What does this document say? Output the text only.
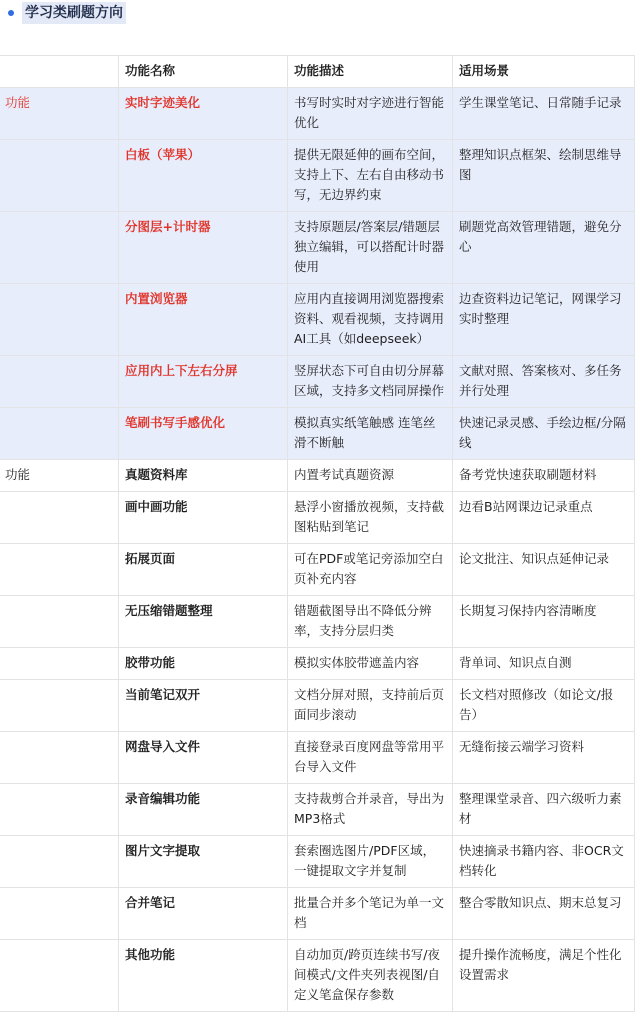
学习类刷题方向
	功能名称	功能描述	适用场景
功能	实时字迹美化	书写时实时对字迹进行智能优化	学生课堂笔记、日常随手记录
	白板（苹果）	提供无限延伸的画布空间，支持上下、左右自由移动书写，无边界约束	整理知识点框架、绘制思维导图
	分图层+计时器	支持原题层/答案层/错题层独立编辑，可以搭配计时器使用	刷题党高效管理错题，避免分心
	内置浏览器	应用内直接调用浏览器搜索资料、观看视频，支持调用AI工具（如deepseek）	边查资料边记笔记，网课学习实时整理
	应用内上下左右分屏	竖屏状态下可自由切分屏幕区域，支持多文档同屏操作	文献对照、答案核对、多任务并行处理
	笔刷书写手感优化	模拟真实纸笔触感 连笔丝滑不断触	快速记录灵感、手绘边框/分隔线
功能	真题资料库	内置考试真题资源	备考党快速获取刷题材料
	画中画功能	悬浮小窗播放视频，支持截图粘贴到笔记	边看B站网课边记录重点
	拓展页面	可在PDF或笔记旁添加空白页补充内容	论文批注、知识点延伸记录
	无压缩错题整理	错题截图导出不降低分辨率，支持分层归类	长期复习保持内容清晰度
	胶带功能	模拟实体胶带遮盖内容	背单词、知识点自测
	当前笔记双开	文档分屏对照，支持前后页面同步滚动	长文档对照修改（如论文/报告）
	网盘导入文件	直接登录百度网盘等常用平台导入文件	无缝衔接云端学习资料
	录音编辑功能	支持裁剪合并录音，导出为MP3格式	整理课堂录音、四六级听力素材
	图片文字提取	套索圈选图片/PDF区域，一键提取文字并复制	快速摘录书籍内容、非OCR文档转化
	合并笔记	批量合并多个笔记为单一文档	整合零散知识点、期末总复习
	其他功能	自动加页/跨页连续书写/夜间模式/文件夹列表视图/自定义笔盒保存参数	提升操作流畅度，满足个性化设置需求
